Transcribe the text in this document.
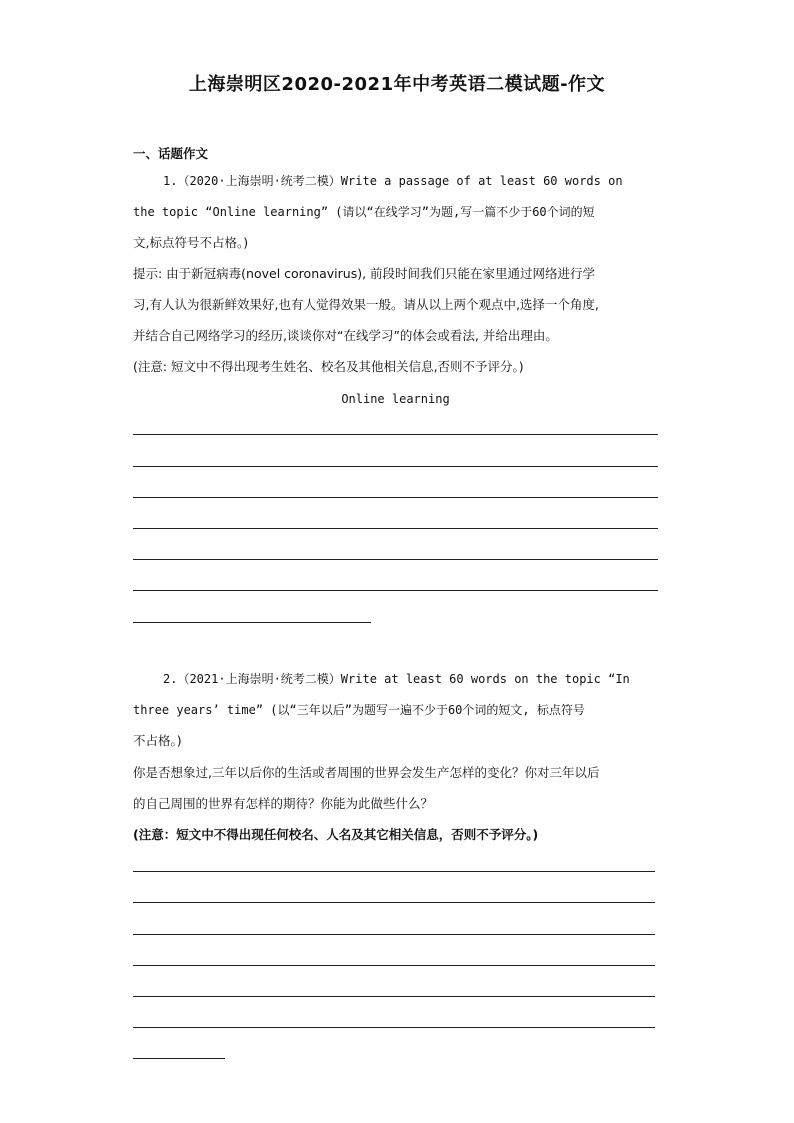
上海崇明区2020-2021年中考英语二模试题-作文
一、话题作文
1.（2020·上海崇明·统考二模）Write a passage of at least 60 words on
the topic “Online learning” (请以“在线学习”为题,写一篇不少于60个词的短
文,标点符号不占格。)
提示: 由于新冠病毒(novel coronavirus), 前段时间我们只能在家里通过网络进行学
习,有人认为很新鲜效果好,也有人觉得效果一般。请从以上两个观点中,选择一个角度,
并结合自己网络学习的经历,谈谈你对“在线学习”的体会或看法, 并给出理由。
(注意: 短文中不得出现考生姓名、校名及其他相关信息,否则不予评分。)
Online learning
2.（2021·上海崇明·统考二模）Write at least 60 words on the topic “In
three years’ time” (以“三年以后”为题写一遍不少于60个词的短文, 标点符号
不占格。)
你是否想象过,三年以后你的生活或者周围的世界会发生产怎样的变化？你对三年以后
的自己周围的世界有怎样的期待？你能为此做些什么？
(注意：短文中不得出现任何校名、人名及其它相关信息，否则不予评分。)
